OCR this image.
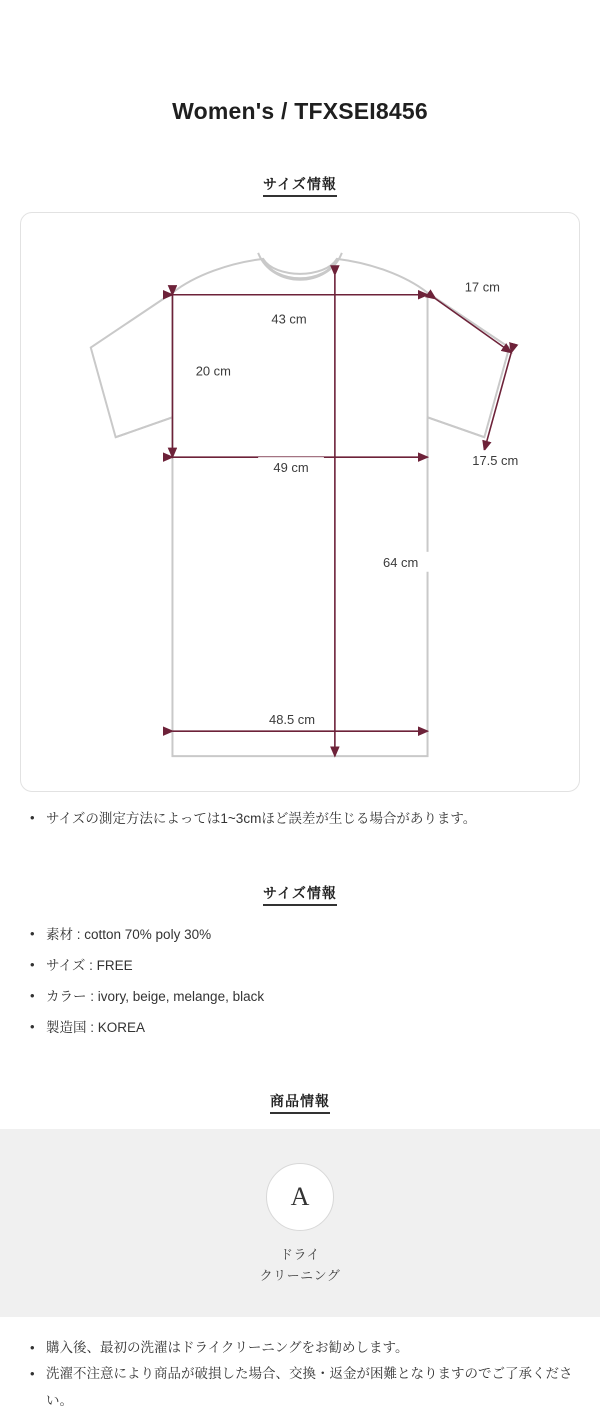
Women's / TFXSEI8456
サイズ情報
43 cm
17 cm
20 cm
17.5 cm
49 cm
64 cm
48.5 cm
• サイズの測定方法によっては1~3cmほど誤差が生じる場合があります。
サイズ情報
• 素材 : cotton 70% poly 30%
• サイズ : FREE
• カラー : ivory, beige, melange, black
• 製造国 : KOREA
商品情報
A
ドライ
クリーニング
• 購入後、最初の洗濯はドライクリーニングをお勧めします。
• 洗濯不注意により商品が破損した場合、交換・返金が困難となりますのでご了承ください。
